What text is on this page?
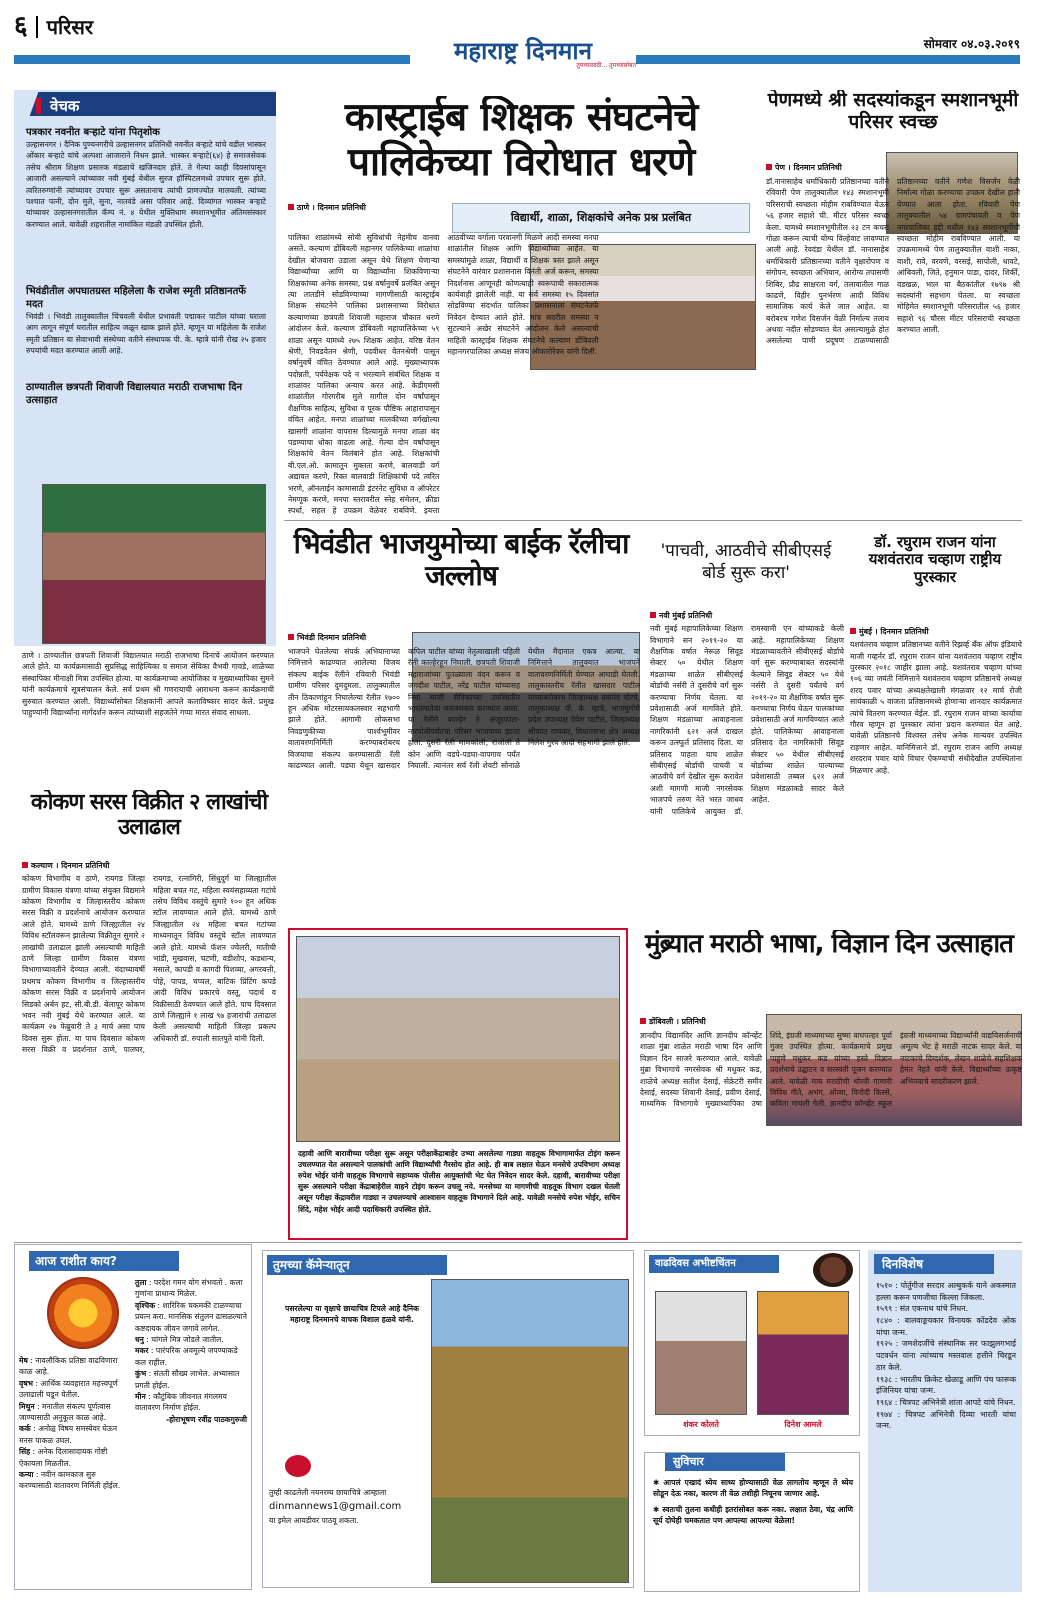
६ परिसर
महाराष्ट्र दिनमान
तुमच्यासाठी... तुमच्यासोबत
सोमवार ०४.०३.२०१९
वेचक
पत्रकार नवनीत बऱ्हाटे यांना पितृशोक
उल्हासनगर । दैनिक पुण्यनगरीचे उल्हासनगर प्रतिनिधी नवनीत बऱ्हाटे यांचे वडील भास्कर ओंकार बऱ्हाटे यांचे अल्पशा आजाराने निधन झाले. भास्कर बऱ्हाटे(६४) हे समाजसेवक तसेच श्रीराम शिक्षण प्रसारक मंडळाचे खजिनदार होते. ते गेल्या काही दिवसांपासून आजारी असल्याने त्यांच्यावर नवी मुंबई येथील सुरज हॉस्पिटलमध्ये उपचार सुरू होते. त्वरितरुग्णांनी त्यांच्यावर उपचार सुरू असतानाच त्यांची प्राणज्योत मालवली. त्यांच्या पश्चात पत्नी, दोन मुले, सुना, नातवंडे असा परिवार आहे. दिव्यांगत भास्कर बऱ्हाटे यांच्यावर उल्हासनगरातील कॅम्प नं. ४ येथील मुक्तिधाम स्मशानभूमीत अंतिमसंस्कार करण्यात आले. यावेळी शहरातील नामांकित मंडळी उपस्थित होती.
भिवंडीतील अपघातग्रस्त महिलेला कै राजेश स्मृती प्रतिष्ठानतर्फे मदत
भिवंडी । भिवंडी तालुक्यातील चिंचवली येथील प्रभावती पद्माकर पाटील यांच्या घराला आग लागून संपूर्ण घरातील साहित्य जळून खाक झाले होते. म्हणून या महिलेला कै राजेश स्मृती प्रतिष्ठान या सेवाभावी संस्थेच्या वतीने संस्थापक पी. के. म्हात्रे यांनी रोख २५ हजार रुपयांची मदत करण्यात आली आहे.
ठाण्यातील छत्रपती शिवाजी विद्यालयात मराठी राजभाषा दिन उत्साहात
ठाणे । ठाण्यातील छत्रपती शिवाजी विद्यालयात मराठी राजभाषा दिनाचे आयोजन करण्यात आले होते. या कार्यक्रमासाठी सुप्रसिद्ध साहित्यिका व समाज सेविका वैभवी गावडे, शाळेच्या संस्थापिका मीनाक्षी मित्रा उपस्थित होत्या. या कार्यक्रमाच्या आयोजिका व मुख्याध्यापिका सुमने यांनी कार्यक्रमाचे सूत्रसंचालन केले. सर्व प्रथम श्री गणरायाची आराधना करून कार्यक्रमाची सुरुवात करण्यात आली. विद्यार्थ्यांसोबत शिक्षकांनी आपले कलाविष्कार सादर केले. प्रमुख पाहुण्यांनी विद्यार्थ्यांना मार्गदर्शन करून त्यांच्याशी सहजतेने गप्पा मारत संवाद साधला.
कोकण सरस विक्रीत २ लाखांची उलाढाल
कल्याण । दिनमान प्रतिनिधी
कोकण विभागीय व ठाणे, रायगड जिल्हा ग्रामीण विकास यंत्रणा यांच्या संयुक्त विद्यमाने कोकण विभागीय व जिल्हास्तरीय कोकण सरस विक्री व प्रदर्शनाचे आयोजन करण्यात आले होते. यामध्ये ठाणे जिल्ह्यातील २४ विविध स्टॉलवरून झालेल्या विक्रीतून सुमारे २ लाखांची उलाढाल झाली असल्याची माहिती ठाणे जिल्हा ग्रामीण विकास यंत्रणा विभागाच्यावतीने देण्यात आली. यंदाच्यावर्षी प्रथमच कोकण विभागीय व जिल्हास्तरीय कोकण सरस विक्री व प्रदर्शनाचे आयोजन सिडको अर्बन हट, सी.बी.डी. बेलापूर कोकण भवन नवी मुंबई येथे करण्यात आले. या कार्यक्रम २७ फेब्रुवारी ते ३ मार्च असा पाच दिवस सुरू होता. या पाच दिवसात कोकण सरस विक्री व प्रदर्शनात ठाणे, पालघर, रायगड, रत्नागिरी, सिंधुदुर्ग या जिल्ह्यातील महिला बचत गट, महिला स्वयंसहाय्यता गटांचे तसेच विविध वस्तूंचे सुमारे १०० हून अधिक स्टॉल लावण्यात आले होते. यामध्ये ठाणे जिल्ह्यातील २४ महिला बचत गटांच्या माध्यमातून विविध वस्तूंचे स्टॉल लावण्यात आले होते. यामध्ये फॅशन ज्वेलरी, मातीची भांडी, मुखवास, चटणी, वडीशोप, कडधान्य, मसाले, कापडी व कागदी पिशव्या, अगरबत्ती, पोहे, पापड, चप्पल, बाटिक प्रिंटिंग कपडे आदी विविध प्रकारचे वस्तू, पदार्थ व विक्रीसाठी ठेवण्यात आले होते. पाच दिवसात ठाणे जिल्ह्याने १ लाख ९७ हजारांची उलाढाल केली असल्याची माहिती जिल्हा प्रकल्प अधिकारी डॉ. रुपाली सातपुते यांनी दिली.
कास्ट्राईब शिक्षक संघटनेचे पालिकेच्या विरोधात धरणे
ठाणे । दिनमान प्रतिनिधी
विद्यार्थी, शाळा, शिक्षकांचे अनेक प्रश्न प्रलंबित
पालिका शाळांमध्ये सोयी सुविधांची नेहमीच वानवा असते. कल्याण डोंबिवली महानगर पालिकेच्या शाळांचा देखील बोजवारा उडाला असून येथे शिक्षण घेणाऱ्या विद्यार्थ्यांच्या आणि या विद्यार्थ्यांना शिकविणाऱ्या शिक्षकांच्या अनेक समस्या, प्रश्न वर्षानुवर्षे प्रलंबित असून त्या तातडीने सोडविण्याच्या मागणीसाठी कास्ट्राईब शिक्षक संघटनेने पालिका प्रशासनाच्या विरोधात कल्याणच्या छत्रपती शिवाजी महाराज चौकात धरणे आंदोलन केले. कल्याण डोंबिवली महापालिकेच्या ५९ शाळा असून यामध्ये २७५ शिक्षक आहेत. वरिष्ठ वेतन श्रेणी, निवडवेतन श्रेणी, पदवीधर वेतनश्रेणी पासून वर्षानुवर्षे वंचित ठेवण्यात आले आहे. मुख्याध्यापक पदोन्नती, पर्यवेक्षक पदे न भरल्याने संबंधित शिक्षक व शाळांवर पालिका अन्याय करत आहे. केडीएमसी शाळांतील गोरगरीब मुले मागील दोन वर्षांपासून शैक्षणिक साहित्य, सुविधा व पूरक पौष्टिक आहारापासून वंचित आहेत. मनपा शाळांच्या मालकीच्या वर्गखोल्या खासगी शाळांना वापरास दिल्यामुळे मनपा शाळा बंद पडण्याचा धोका वाढला आहे. गेल्या दोन वर्षांपासून शिक्षकांचे वेतन विलंबाने होत आहे. शिक्षकांची बी.एल.ओ. कामातून मुक्तता करणे, बालवाडी वर्ग अद्यावत करणे, रिक्त बालवाडी शिक्षिकांची पदे त्वरित भरणे, ऑनलाईन कामासाठी इंटरनेट सुविधा व ऑपरेटर नेमणूक करणे, मनपा स्तरावरील स्नेह संमेलन, क्रीडा स्पर्धा, सहल हे उपक्रम वेळेवर राबविणे. इयत्ता आठवीच्या वर्गाला परवानगी मिळणे आदी समस्या मनपा शाळांतील शिक्षक आणि विद्यार्थ्यांच्या आहेत. या समस्यांमुळे शाळा, विद्यार्थी व शिक्षक त्रस्त झाले असून संघटनेने वारंवार प्रशासनास विनंती अर्ज करून, समस्या निदर्शनास आणूनही कोणत्याही स्वरूपाची सकारात्मक कार्यवाही झालेली नाही. या सर्व समस्या १५ दिवसांत सोडविण्या संदर्भात पालिका प्रशासनाला संघटनेतर्फे निवेदन देण्यात आले होते. मात्र सदरील समस्या न सुटल्याने अखेर संघटनेने आंदोलन केले असल्याची माहिती कास्ट्राईब शिक्षक संघटनेचे कल्याण डोंबिवली महानगरपालिका अध्यक्ष संजय ऑकारोरेकर यांनी दिली.
पेणमध्ये श्री सदस्यांकडून स्मशानभूमी परिसर स्वच्छ
पेण । दिनमान प्रतिनिधी
डॉ.नानासाहेब धर्माधिकारी प्रतिष्ठानच्या वतीने रविवारी पेण तालुक्यातील १४३ स्मशानभूमी परिसराची स्वच्छता मोहीम राबविण्यात येऊन ५६ हजार सहाशे ची. मीटर परिसर स्वच्छ केला. यामध्ये स्मशानभूमीतील २३ टन कचरा गोळा करून त्याची योग्य विल्हेवाट लावण्यात आली आहे. रेवदंडा येथील डॉ. नानासाहेब धर्माधिकारी प्रतिष्ठानच्या वतीने वृक्षारोपण व संगोपन, स्वच्छता अभियान, आरोग्य तपासणी शिबिर, प्रौढ साक्षरता वर्ग, तलावातील गाळ काढणे, विहीर पुनर्भरण आदी विविध सामाजिक कार्य केले जात आहेत. या बरोबरच गणेश विसर्जन वेळी निर्माल्य तलाव अथवा नदीत सोडण्यात येत असल्यामुळे होत असलेल्या पाणी प्रदूषण टाळण्यासाठी प्रतिष्ठानच्या वतीने गणेश विसर्जन वेळी निर्माल्य गोळा करण्याचा उपक्रम देखील हाती घेण्यात आला होता. रविवारी पेण तालुक्यातील ५४ ग्रामपंचायती व पेण नगरपालिका हद्दी मधील १४३ स्मशानभूमींची स्वच्छता मोहीम राबविण्यात आली. या उपक्रमामध्ये पेण तालुक्यातील वाशी नाका, वाशी, रावे, वरवणे, वरसई, सापोली, धावटे, आंबिवली, जिते, हनुमान पाडा, दादर, शिर्की, वडखळ, भाल या बैठकांतील १७९७ श्री सदस्यांनी सहभाग घेतला. या स्वच्छता मोहिमेत स्मशानभूमी परिसरातील ५६ हजार सहाशे ९६ चौरस मीटर परिसराची स्वच्छता करण्यात आली.
भिवंडीत भाजयुमोच्या बाईक रॅलीचा जल्लोष
भिवंडी दिनमान प्रतिनिधी
भाजपने घेतलेल्या संपर्क अभियानाच्या निमित्ताने काढण्यात आलेल्या विजय संकल्प बाईक रॅलीने रविवारी भिवंडी ग्रामीण परिसर दुमदुमला. तालुक्यातील तीन ठिकाणांहून निघालेल्या रॅलीत १७०० हून अधिक मोटरसायकलस्वार सहभागी झाले होते. आगामी लोकसभा निवडणुकीच्या पार्श्वभूमीवर वातावरणनिर्मिती करण्याबरोबरच विजयाचा संकल्प करण्यासाठी रॅली काढण्यात आली. पडघा येथून खासदार कपिल पाटील यांच्या नेतृत्वाखाली पहिली रॅली काल्हेरहून निघाली. छत्रपती शिवाजी महाराजांच्या पुतळ्याला वंदन करून व जगदीश पाटील, नरेंद्र पाटील यांच्यासह निघा माजी सैनिकांच्या उपस्थितीत भारतमातेचा जयजयकार करण्यात आला. या रॅलीने काल्हेर ते अंजूरफाटा-नारपोलीपर्यंतचा परिसर भाजपमय झाला होता. दुसरी रॅली माणकोली, रांजोली ते कोन आणि वडपे-पडघा-वापगाव पर्यंत निघाली. त्यानंतर सर्व रॅली शेवटी सोनाळे येथील मैदानात एकत्र आल्या. या निमित्ताने तालुक्यात भाजपने वातावरणनिर्मिती घेण्यात आघाडी घेतली. तालुकास्तरीय रॅलीत खासदार पाटील यांच्याबरोबरच जिल्हाध्यक्ष दयानंद चोरघे, तालुकाध्यक्ष पी. के. म्हात्रे, भाजयुमोचे प्रदेश उपाध्यक्ष देवेश पाटील, जिल्हाध्यक्ष श्रीकांत गायकर, विधानसभा क्षेत्र अध्यक्ष निलेश गुरव आदी सहभागी झाले होते.
'पाचवी, आठवीचे सीबीएसई बोर्ड सुरू करा'
नवी मुंबई प्रतिनिधी
नवी मुंबई महापालिकेच्या शिक्षण विभागाने सन २०१९-२० या शैक्षणिक वर्षात नेरूळ सिवूड सेक्टर ५० येथील शिक्षण मंडळाच्या शाळेत सीबीएसई बोर्डाची नर्सरी ते दुसरीचे वर्ग सुरू करण्याचा निर्णय घेतला. या प्रवेशासाठी अर्ज मागविले होते. शिक्षण मंडळाच्या आवाहनाला नागरिकांनी ६२१ अर्ज दाखल करून उत्स्फूर्त प्रतिसाद दिला. या प्रतिसाद पाहता याच शाळेत सीबीएसई बोर्डाची पाचवी व आठवीचे वर्ग देखील सुरू करावेत अशी मागणी माजी नगरसेवक भाजपचे तरुण नेते भरत जाधव यांनी पालिकेचे आयुक्त डॉ. रामस्वामी एन यांच्याकडे केली आहे. महापालिकेच्या शिक्षण मंडळाच्यावतीने सीबीएसई बोर्डाचे वर्ग सुरू करण्याबाबत सदस्यांनी केल्याने सिवूड सेक्टर ५० येथे नर्सरी ते दुसरी पर्यंतचे वर्ग २०१९-२० या शैक्षणिक वर्षात सुरू करण्याचा निर्णय घेऊन पालकांच्या प्रवेशासाठी अर्ज मागविण्यात आले होते. पालिकेच्या आवाहनाला प्रतिसाद देत नागरिकांनी सिवूड सेक्टर ५० येथील सीबीएसई बोर्डाच्या शाळेत पाल्याच्या प्रवेशासाठी तब्बल ६२१ अर्ज शिक्षण मंडळाकडे सादर केले आहेत.
डॉ. रघुराम राजन यांना यशवंतराव चव्हाण राष्ट्रीय पुरस्कार
मुंबई । दिनमान प्रतिनिधी
यशवंतराव चव्हाण प्रतिष्ठानच्या वतीने रिझर्व्ह बँक ऑफ इंडियाचे माजी गव्हर्नर डॉ. रघुराम राजन यांना यशवंतराव चव्हाण राष्ट्रीय पुरस्कार २०१८ जाहीर झाला आहे. यशवंतराव चव्हाण यांच्या १०६ व्या जयंती निमित्ताने यशवंतराव चव्हाण प्रतिष्ठानचे अध्यक्ष शरद पवार यांच्या अध्यक्षतेखाली मंगळवार १२ मार्च रोजी सायंकाळी ५ वाजता प्रतिष्ठानमध्ये होणाऱ्या शानदार कार्यक्रमात त्यांचे वितरण करण्यात येईल. डॉ. रघुराम राजन यांच्या कार्याचा गौरव म्हणून हा पुरस्कार त्यांना प्रदान करण्यात येत आहे. यावेळी प्रतिष्ठानचे विश्वस्त तसेच अनेक मान्यवर उपस्थित राहणार आहेत. यानिमित्ताने डॉ. रघुराम राजन आणि अध्यक्ष शरदराव पवार यांचे विचार ऐकण्याची संधीदेखील उपस्थितांना मिळणार आहे.
दहावी आणि बारावीच्या परीक्षा सुरू असून परीक्षाकेंद्राबाहेर उभ्या असलेल्या गाड्या वाहतूक विभागामार्फत टोइंग करून उचलण्यात येत असल्याने पालकांची आणि विद्यार्थ्यांची गैरसोय होत आहे. ही बाब लक्षात घेऊन मनसेचे उपविभाग अध्यक्ष रुपेश भोईर यांनी वाहतूक विभागाचे सहाय्यक पोलीस आयुक्तांची भेट घेत निवेदन सादर केले. दहावी, बारावीच्या परीक्षा सुरू असल्याने परीक्षा केंद्राबाहेरील वाहने टोइंग करून उचलू नये. मनसेच्या या मागणीची वाहतूक विभाग दखल घेतली असून परीक्षा केंद्रावरील गाड्या न उचलण्याचे आश्वासन वाहतूक विभागाने दिले आहे. यावेळी मनसेचे रुपेश भोईर, सचिन शिंदे, महेश भोईर आदी पदाधिकारी उपस्थित होते.
मुंब्र्यात मराठी भाषा, विज्ञान दिन उत्साहात
डोंबिवली । प्रतिनिधी
ज्ञानदीप विद्यामंदिर आणि ज्ञानदीप कॉन्व्हेंट शाळा मुंब्रा शाळेत मराठी भाषा दिन आणि विज्ञान दिन साजरे करण्यात आले. यावेळी मुंब्रा विभागाचे नगरसेवक श्री मधुकर कड, शाळेचे अध्यक्ष सतीश देसाई, सेक्रेटरी समीर देसाई, सदस्या शिवानी देसाई, प्रवीण देसाई, माध्यमिक विभागाचे मुख्याध्यापिका उषा शिंदे, इंग्रजी माध्यमाच्या सुष्मा वाघपल्हर पूर्वा गुजर उपस्थित होत्या. कार्यक्रमाचे प्रमुख पाहुणे मधुकर कड यांच्या हस्ते विज्ञान प्रदर्शनाचे उद्घाटन व सरस्वती पूजन करण्यात आले. यावेळी माय मराठीची थोरवी गाणारी विविध गीते, अभंग, ओव्या, विनोदी किस्से, कविता गायली गेली. ज्ञानदीप कॉन्व्हेंट स्कूल इंग्रजी माध्यमाच्या विद्यार्थ्यांनी वाद्यविसर्जनाची अमूल्य भेट हे मराठी नाटक सादर केले. या नाटकाचे दिग्दर्शक, लेखन शाळेचे सहशिक्षक हेमंत नेहते यांनी केले. विद्यार्थ्यांच्या उत्कृष्ट अभिनयाचे सादरीकरण झाले.
आज राशीत काय?
मेष : नावलौकिक प्रतिष्ठा वाढविणारा काळ आहे.
वृषभ : आर्थिक व्यवहारात महत्त्वपूर्ण उलाढाली घडून येतील.
मिथुन : मनातील संकल्प पूर्णत्वास जाण्यासाठी अनुकूल काळ आहे.
कर्क : अनोळ्र विषय समस्येवर घेऊन मनस पाकळ उघल.
सिंह : अनेक दिलासादायक गोष्टी ऐकायला मिळतील.
कन्या : नवीन कामकाज सुरु करण्यासाठी वातावरण निर्मिती होईल.
तुला : परदेश गमन योग संभवतो . कला गुणांना प्राधान्य मिळेल.
वृश्चिक : शारिरिक चकमकी टाळण्याचा प्रयत्न करा. मानसिक संतुलन ढासळल्याने कष्टदायक जीवन जगावे लागेल.
धनु : चांगले मित्र जोडले जातील.
मकर : पारंपरिक अवमूल्ये जपण्याकडे कल राहील.
कुंभ : संतती सौख्य लाभेल. अभ्यासात प्रगती होईल.
मीन : कौटुंबिक जीवनात मंगलमय वातावरण निर्माण होईल.
-होराभूषण रवींद्र पाठकगुरुजी
तुमच्या कॅमेऱ्यातून
पसरलेल्या या वृक्षाचे छायाचित्र टिपले आहे दैनिक महाराष्ट्र दिनमानचे वाचक विशाल हळवे यांनी.
तुम्ही काढलेली नयनरम्य छायाचित्रे आम्हाला
dinmannews1@gmail.com
या इमेल आयडीवर पाठवू शकता.
वाढदिवस अभीष्टचिंतन
शंकर कोलते	दिनेश आमले
सुविचार
✱ आपलं एखादं ध्येय साध्य होण्यासाठी वेळ लागतोय म्हणून ते ध्येय सोडून देऊ नका, कारण ती वेळ तशीही निघूनच जाणार आहे.
✱ स्वतःची तुलना कधीही इतरांसोबत करू नका. लक्षात ठेवा, चंद्र आणि सूर्य दोघेही चमकतात पण आपल्या आपल्या वेळेला!
दिनविशेष
१५१० : पोर्तुगीज सरदार अल्बुकर्क याने अकस्मात हल्ला करून पणजीचा किल्ला जिंकला.
१५९९ : संत एकनाथ यांचे निधन.
१८४० : बालवाङ्मयकार विनायक कोंडदेव ओक यांचा जन्म.
१९२५ : जमशेदजींचे संस्थानिक सर फाझुलगभाई पटवर्धन यांना त्यांच्याच मस्तवाल हत्तीने चिरडून ठार केले.
१९३८ : भारतीय क्रिकेट खेळाडू आणि पंच फारूक इंजिनियर यांचा जन्म.
१९६४ : चित्रपट अभिनेत्री शांता आपटे यांचे निधन.
१९७४ : चित्रपट अभिनेत्री दिव्या भारती यांचा जन्म.
